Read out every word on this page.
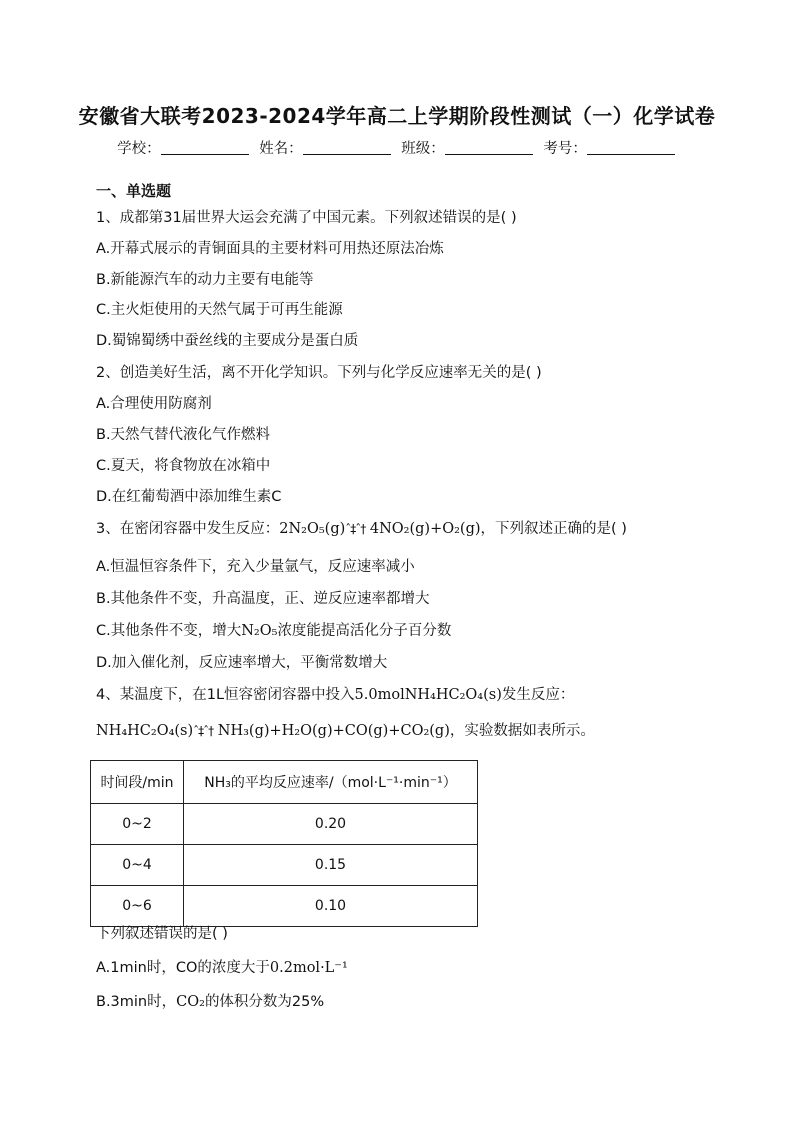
安徽省大联考2023-2024学年高二上学期阶段性测试（一）化学试卷
学校：	姓名：	班级：	考号：
一、单选题
1、成都第31届世界大运会充满了中国元素。下列叙述错误的是( )
A.开幕式展示的青铜面具的主要材料可用热还原法冶炼
B.新能源汽车的动力主要有电能等
C.主火炬使用的天然气属于可再生能源
D.蜀锦蜀绣中蚕丝线的主要成分是蛋白质
2、创造美好生活，离不开化学知识。下列与化学反应速率无关的是( )
A.合理使用防腐剂
B.天然气替代液化气作燃料
C.夏天，将食物放在冰箱中
D.在红葡萄酒中添加维生素C
3、在密闭容器中发生反应：2N₂O₅(g)ˆ‡ˆ† 4NO₂(g)+O₂(g)，下列叙述正确的是( )
A.恒温恒容条件下，充入少量氩气，反应速率减小
B.其他条件不变，升高温度，正、逆反应速率都增大
C.其他条件不变，增大N₂O₅浓度能提高活化分子百分数
D.加入催化剂，反应速率增大，平衡常数增大
4、某温度下，在1L恒容密闭容器中投入5.0molNH₄HC₂O₄(s)发生反应：
NH₄HC₂O₄(s)ˆ‡ˆ† NH₃(g)+H₂O(g)+CO(g)+CO₂(g)，实验数据如表所示。
时间段/min	NH₃的平均反应速率/（mol·L⁻¹·min⁻¹）
0~2	0.20
0~4	0.15
0~6	0.10
下列叙述错误的是( )
A.1min时，CO的浓度大于0.2mol·L⁻¹
B.3min时，CO₂的体积分数为25%
